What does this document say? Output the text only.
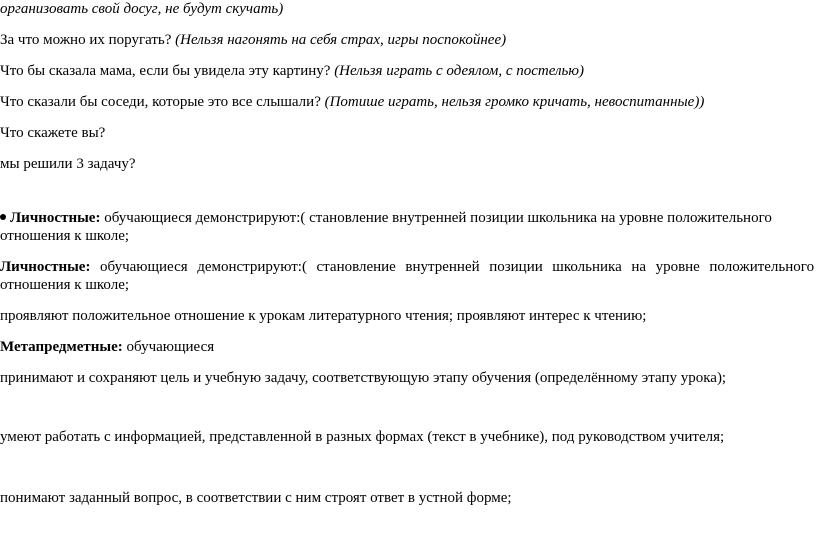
организовать свой досуг, не будут скучать)
За что можно их поругать? (Нельзя нагонять на себя страх, игры поспокойнее)
Что бы сказала мама, если бы увидела эту картину? (Нельзя играть с одеялом, с постелью)
Что сказали бы соседи, которые это все слышали? (Потише играть, нельзя громко кричать, невоспитанные))
Что скажете вы?
мы решили 3 задачу?
Личностные: обучающиеся демонстрируют:( становление внутренней позиции школьника на уровне положительного
отношения к школе;
Личностные: обучающиеся демонстрируют:( становление внутренней позиции школьника на уровне положительного
отношения к школе;
проявляют положительное отношение к урокам литературного чтения; проявляют интерес к чтению;
Метапредметные: обучающиеся
принимают и сохраняют цель и учебную задачу, соответствующую этапу обучения (определённому этапу урока);
умеют работать с информацией, представленной в разных формах (текст в учебнике), под руководством учителя;
понимают заданный вопрос, в соответствии с ним строят ответ в устной форме;
